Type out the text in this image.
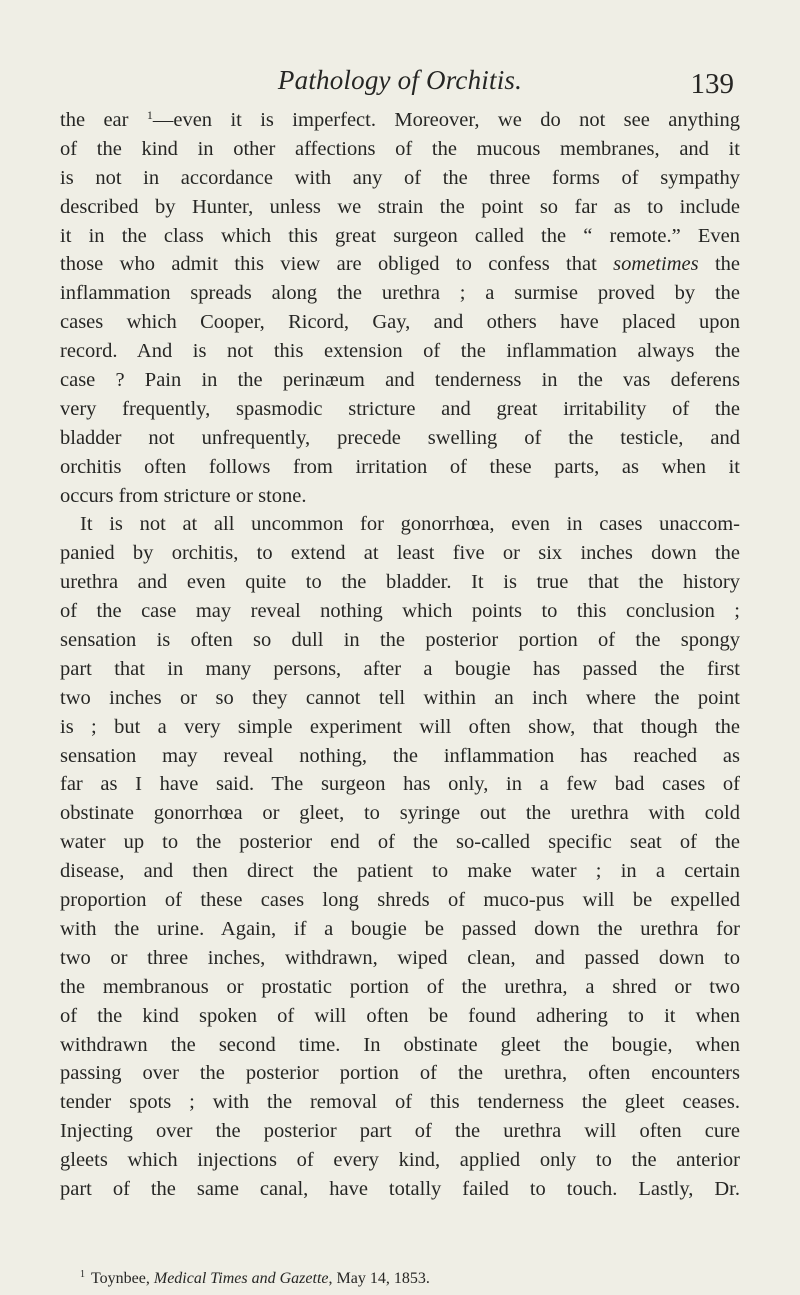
Pathology of Orchitis.	139
the ear $^1$—even it is imperfect. Moreover, we do not see anything
of the kind in other affections of the mucous membranes, and it
is not in accordance with any of the three forms of sympathy
described by Hunter, unless we strain the point so far as to include
it in the class which this great surgeon called the “ remote.” Even
those who admit this view are obliged to confess that sometimes the
inflammation spreads along the urethra ; a surmise proved by the
cases which Cooper, Ricord, Gay, and others have placed upon
record. And is not this extension of the inflammation always the
case ? Pain in the perinæum and tenderness in the vas deferens
very frequently, spasmodic stricture and great irritability of the
bladder not unfrequently, precede swelling of the testicle, and
orchitis often follows from irritation of these parts, as when it
occurs from stricture or stone.
It is not at all uncommon for gonorrhœa, even in cases unaccom-
panied by orchitis, to extend at least five or six inches down the
urethra and even quite to the bladder. It is true that the history
of the case may reveal nothing which points to this conclusion ;
sensation is often so dull in the posterior portion of the spongy
part that in many persons, after a bougie has passed the first
two inches or so they cannot tell within an inch where the point
is ; but a very simple experiment will often show, that though the
sensation may reveal nothing, the inflammation has reached as
far as I have said. The surgeon has only, in a few bad cases of
obstinate gonorrhœa or gleet, to syringe out the urethra with cold
water up to the posterior end of the so-called specific seat of the
disease, and then direct the patient to make water ; in a certain
proportion of these cases long shreds of muco-pus will be expelled
with the urine. Again, if a bougie be passed down the urethra for
two or three inches, withdrawn, wiped clean, and passed down to
the membranous or prostatic portion of the urethra, a shred or two
of the kind spoken of will often be found adhering to it when
withdrawn the second time. In obstinate gleet the bougie, when
passing over the posterior portion of the urethra, often encounters
tender spots ; with the removal of this tenderness the gleet ceases.
Injecting over the posterior part of the urethra will often cure
gleets which injections of every kind, applied only to the anterior
part of the same canal, have totally failed to touch. Lastly, Dr.
$^1$ Toynbee, Medical Times and Gazette, May 14, 1853.
